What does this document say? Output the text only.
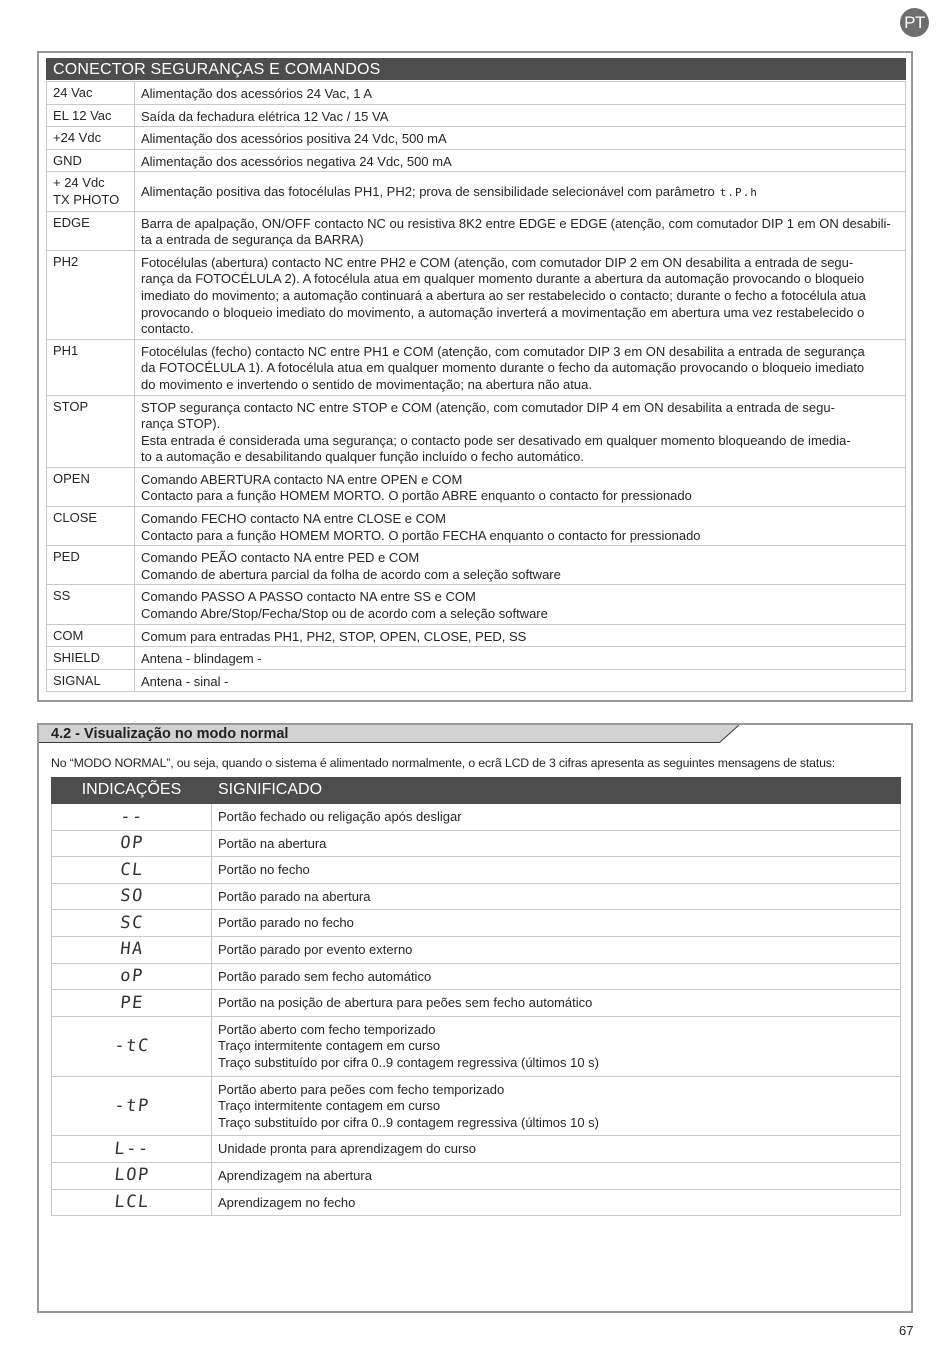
PT
CONECTOR SEGURANÇAS E COMANDOS
24 Vac	Alimentação dos acessórios 24 Vac, 1 A
EL 12 Vac	Saída da fechadura elétrica 12 Vac / 15 VA
+24 Vdc	Alimentação dos acessórios positiva 24 Vdc, 500 mA
GND	Alimentação dos acessórios negativa 24 Vdc, 500 mA
+ 24 Vdc
TX PHOTO	Alimentação positiva das fotocélulas PH1, PH2; prova de sensibilidade selecionável com parâmetro t.P.h
EDGE	Barra de apalpação, ON/OFF contacto NC ou resistiva 8K2 entre EDGE e EDGE (atenção, com comutador DIP 1 em ON desabili-
ta a entrada de segurança da BARRA)
PH2	Fotocélulas (abertura) contacto NC entre PH2 e COM (atenção, com comutador DIP 2 em ON desabilita a entrada de segu-
rança da FOTOCÉLULA 2). A fotocélula atua em qualquer momento durante a abertura da automação provocando o bloqueio
imediato do movimento; a automação continuará a abertura ao ser restabelecido o contacto; durante o fecho a fotocélula atua
provocando o bloqueio imediato do movimento, a automação inverterá a movimentação em abertura uma vez restabelecido o
contacto.
PH1	Fotocélulas (fecho) contacto NC entre PH1 e COM (atenção, com comutador DIP 3 em ON desabilita a entrada de segurança
da FOTOCÉLULA 1). A fotocélula atua em qualquer momento durante o fecho da automação provocando o bloqueio imediato
do movimento e invertendo o sentido de movimentação; na abertura não atua.
STOP	STOP segurança contacto NC entre STOP e COM (atenção, com comutador DIP 4 em ON desabilita a entrada de segu-
rança STOP).
Esta entrada é considerada uma segurança; o contacto pode ser desativado em qualquer momento bloqueando de imedia-
to a automação e desabilitando qualquer função incluído o fecho automático.
OPEN	Comando ABERTURA contacto NA entre OPEN e COM
Contacto para a função HOMEM MORTO. O portão ABRE enquanto o contacto for pressionado
CLOSE	Comando FECHO contacto NA entre CLOSE e COM
Contacto para a função HOMEM MORTO. O portão FECHA enquanto o contacto for pressionado
PED	Comando PEÃO contacto NA entre PED e COM
Comando de abertura parcial da folha de acordo com a seleção software
SS	Comando PASSO A PASSO contacto NA entre SS e COM
Comando Abre/Stop/Fecha/Stop ou de acordo com a seleção software
COM	Comum para entradas PH1, PH2, STOP, OPEN, CLOSE, PED, SS
SHIELD	Antena - blindagem -
SIGNAL	Antena - sinal -
4.2 - Visualização no modo normal
No “MODO NORMAL”, ou seja, quando o sistema é alimentado normalmente, o ecrã LCD de 3 cifras apresenta as seguintes mensagens de status:
INDICAÇÕES	SIGNIFICADO
--	Portão fechado ou religação após desligar
OP	Portão na abertura
CL	Portão no fecho
SO	Portão parado na abertura
SC	Portão parado no fecho
HA	Portão parado por evento externo
oP	Portão parado sem fecho automático
PE	Portão na posição de abertura para peões sem fecho automático
-tC	Portão aberto com fecho temporizado
Traço intermitente contagem em curso
Traço substituído por cifra 0..9 contagem regressiva (últimos 10 s)
-tP	Portão aberto para peões com fecho temporizado
Traço intermitente contagem em curso
Traço substituído por cifra 0..9 contagem regressiva (últimos 10 s)
L--	Unidade pronta para aprendizagem do curso
LOP	Aprendizagem na abertura
LCL	Aprendizagem no fecho
67
